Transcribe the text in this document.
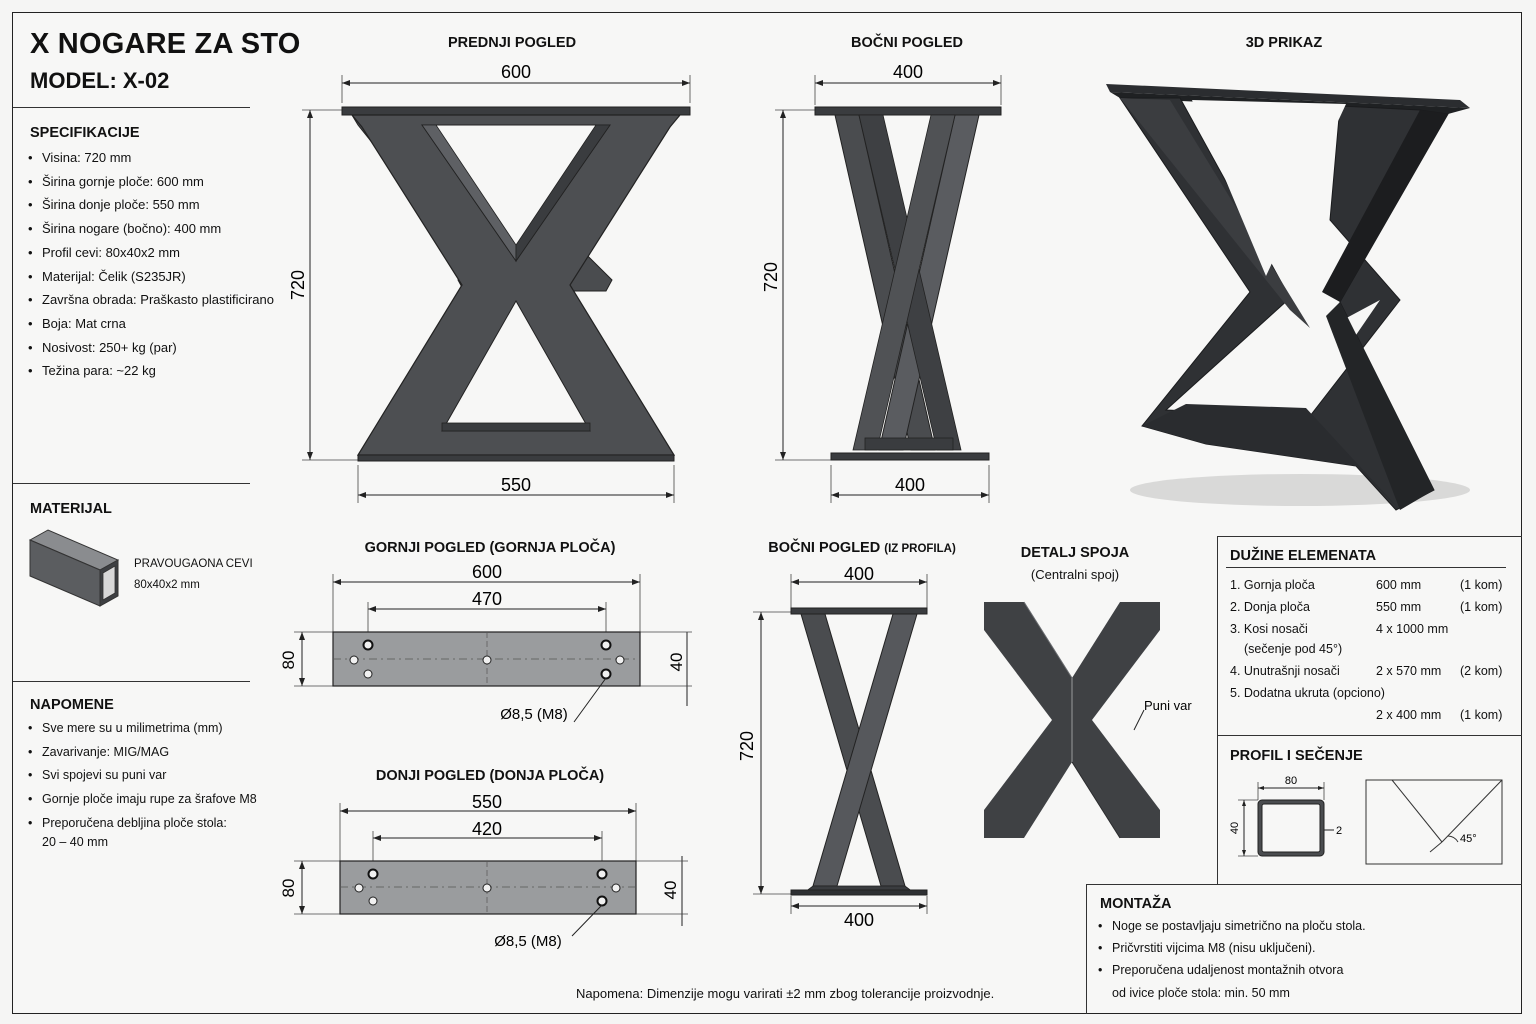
X NOGARE ZA STO
MODEL: X-02
SPECIFIKACIJE
• Visina: 720 mm
• Širina gornje ploče: 600 mm
• Širina donje ploče: 550 mm
• Širina nogare (bočno): 400 mm
• Profil cevi: 80x40x2 mm
• Materijal: Čelik (S235JR)
• Završna obrada: Praškasto plastificirano
• Boja: Mat crna
• Nosivost: 250+ kg (par)
• Težina para: ~22 kg
MATERIJAL
PRAVOUGAONA CEVI
80x40x2 mm
NAPOMENE
• Sve mere su u milimetrima (mm)
• Zavarivanje: MIG/MAG
• Svi spojevi su puni var
• Gornje ploče imaju rupe za šrafove M8
• Preporučena debljina ploče stola:
20 – 40 mm
PREDNJI POGLED
600
720
550
BOČNI POGLED
400
720
400
3D PRIKAZ
GORNJI POGLED (GORNJA PLOČA)
600
470
80	40
Ø8,5 (M8)
DONJI POGLED (DONJA PLOČA)
550
420
80	40
Ø8,5 (M8)
BOČNI POGLED (IZ PROFILA)
400
720
400
DETALJ SPOJA
(Centralni spoj)
Puni var
DUŽINE ELEMENATA
1. Gornja ploča	600 mm	(1 kom)
2. Donja ploča	550 mm	(1 kom)
3. Kosi nosači	4 x 1000 mm
(sečenje pod 45°)
4. Unutrašnji nosači	2 x 570 mm (2 kom)
5. Dodatna ukruta (opciono)
2 x 400 mm (1 kom)
PROFIL I SEČENJE
80
40	2
45°
MONTAŽA
• Noge se postavljaju simetrično na ploču stola.
• Pričvrstiti vijcima M8 (nisu uključeni).
• Preporučena udaljenost montažnih otvora
od ivice ploče stola: min. 50 mm
Napomena: Dimenzije mogu varirati ±2 mm zbog tolerancije proizvodnje.
